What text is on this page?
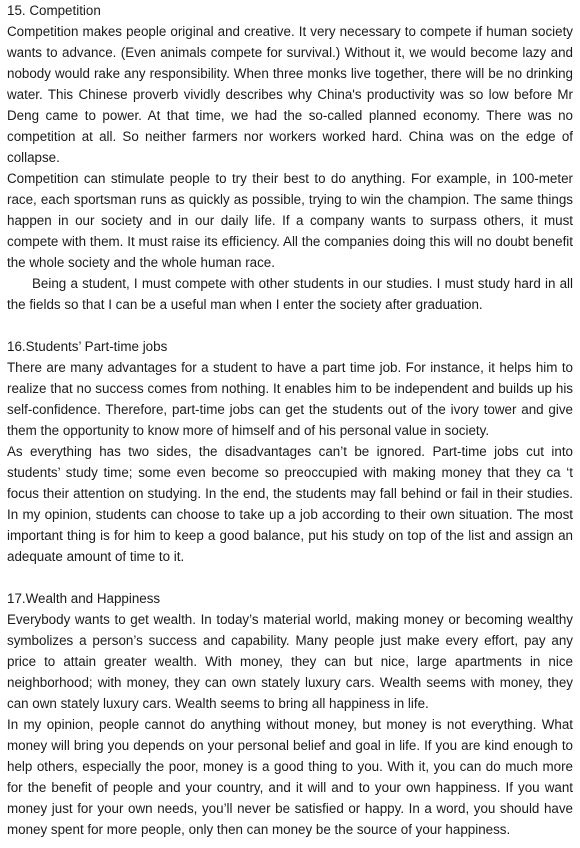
15. Competition

Competition makes people original and creative. It very necessary to compete if human society wants to advance. (Even animals compete for survival.) Without it, we would become lazy and nobody would rake any responsibility. When three monks live together, there will be no drinking water. This Chinese proverb vividly describes why China's productivity was so low before Mr Deng came to power. At that time, we had the so-called planned economy. There was no competition at all. So neither farmers nor workers worked hard. China was on the edge of collapse.

Competition can stimulate people to try their best to do anything. For example, in 100-meter race, each sportsman runs as quickly as possible, trying to win the champion. The same things happen in our society and in our daily life. If a company wants to surpass others, it must compete with them. It must raise its efficiency. All the companies doing this will no doubt benefit the whole society and the whole human race.

Being a student, I must compete with other students in our studies. I must study hard in all the fields so that I can be a useful man when I enter the society after graduation.

16.Students’ Part-time jobs

There are many advantages for a student to have a part time job. For instance, it helps him to realize that no success comes from nothing. It enables him to be independent and builds up his self-confidence. Therefore, part-time jobs can get the students out of the ivory tower and give them the opportunity to know more of himself and of his personal value in society.

As everything has two sides, the disadvantages can’t be ignored. Part-time jobs cut into students’ study time; some even become so preoccupied with making money that they ca ‘t focus their attention on studying. In the end, the students may fall behind or fail in their studies. In my opinion, students can choose to take up a job according to their own situation. The most important thing is for him to keep a good balance, put his study on top of the list and assign an adequate amount of time to it.

17.Wealth and Happiness

Everybody wants to get wealth. In today’s material world, making money or becoming wealthy symbolizes a person’s success and capability. Many people just make every effort, pay any price to attain greater wealth. With money, they can but nice, large apartments in nice neighborhood; with money, they can own stately luxury cars. Wealth seems with money, they can own stately luxury cars. Wealth seems to bring all happiness in life.

In my opinion, people cannot do anything without money, but money is not everything. What money will bring you depends on your personal belief and goal in life. If you are kind enough to help others, especially the poor, money is a good thing to you. With it, you can do much more for the benefit of people and your country, and it will and to your own happiness. If you want money just for your own needs, you’ll never be satisfied or happy. In a word, you should have money spent for more people, only then can money be the source of your happiness.
